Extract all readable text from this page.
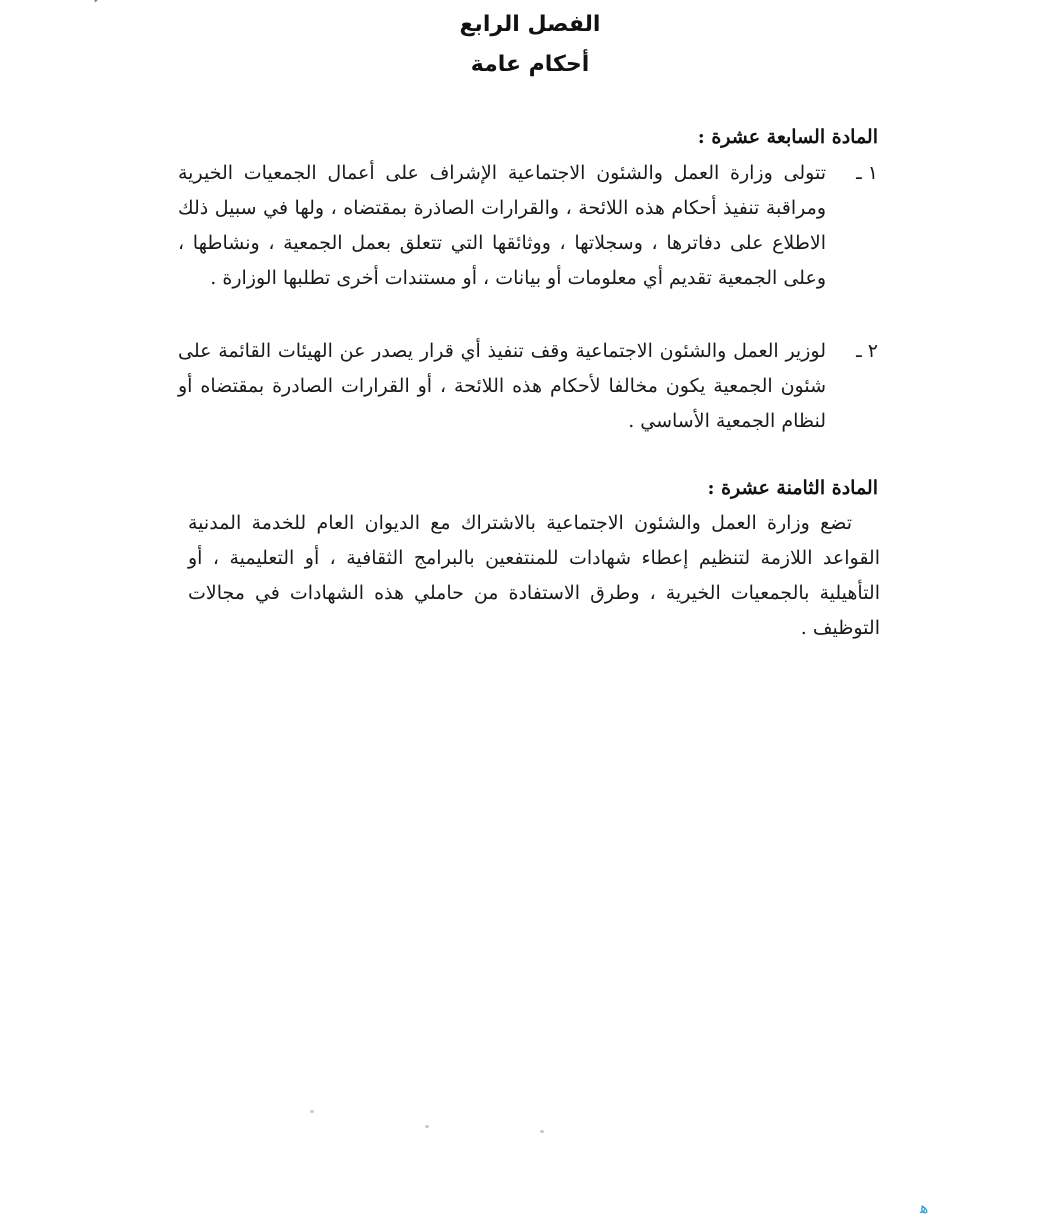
الفصل الرابع
أحكام عامة
المادة السابعة عشرة :
١ ـ
تتولى وزارة العمل والشئون الاجتماعية الإشراف على أعمال الجمعيات الخيرية ومراقبة تنفيذ أحكام هذه اللائحة ، والقرارات الصاذرة بمقتضاه ، ولها في سبيل ذلك الاطلاع على دفاترها ، وسجلاتها ، ووثائقها التي تتعلق بعمل الجمعية ، ونشاطها ، وعلى الجمعية تقديم أي معلومات أو بيانات ، أو مستندات أخرى تطلبها الوزارة .
٢ ـ
لوزير العمل والشئون الاجتماعية وقف تنفيذ أي قرار يصدر عن الهيئات القائمة على شئون الجمعية يكون مخالفا لأحكام هذه اللائحة ، أو القرارات الصادرة بمقتضاه أو لنظام الجمعية الأساسي .
المادة الثامنة عشرة :
تضع وزارة العمل والشئون الاجتماعية بالاشتراك مع الديوان العام للخدمة المدنية القواعد اللازمة لتنظيم إعطاء شهادات للمنتفعين بالبرامج الثقافية ، أو التعليمية ، أو التأهيلية بالجمعيات الخيرية ، وطرق الاستفادة من حاملي هذه الشهادات في مجالات التوظيف .
ﻫ
